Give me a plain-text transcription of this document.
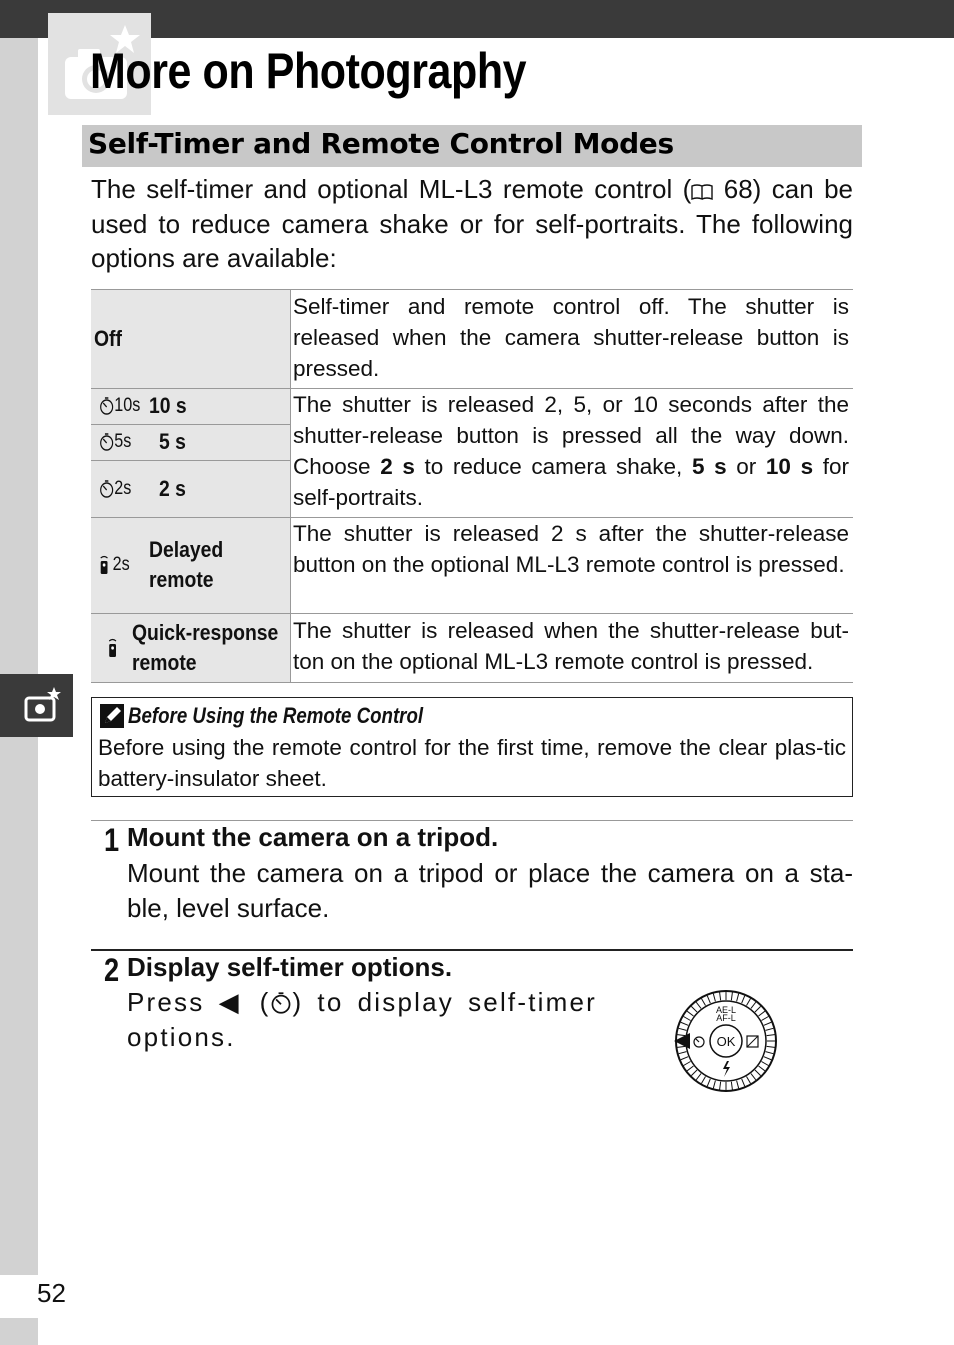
More on Photography
Self-Timer and Remote Control Modes

The self-timer and optional ML-L3 remote control ( 68) can be used to reduce camera shake or for self-portraits. The following options are available:

Off

Self-timer and remote control off. The shutter is released when the camera shutter-release button is pressed.

10s 10 s
5s 5 s
2s 2 s

The shutter is released 2, 5, or 10 seconds after the shutter-release button is pressed all the way down. Choose 2 s to reduce camera shake, 5 s or 10 s for self-portraits.

2s
Delayed
remote

The shutter is released 2 s after the shutter-release button on the optional ML-L3 remote control is pressed.

Quick-response
remote

The shutter is released when the shutter-release but-ton on the optional ML-L3 remote control is pressed.

Before Using the Remote Control

Before using the remote control for the first time, remove the clear plas-tic battery-insulator sheet.

1 Mount the camera on a tripod.

Mount the camera on a tripod or place the camera on a sta-ble, level surface.

2 Display self-timer options.

Press ◀ ( ) to display self-timer options.	OK
AE-L
AF-L
52
